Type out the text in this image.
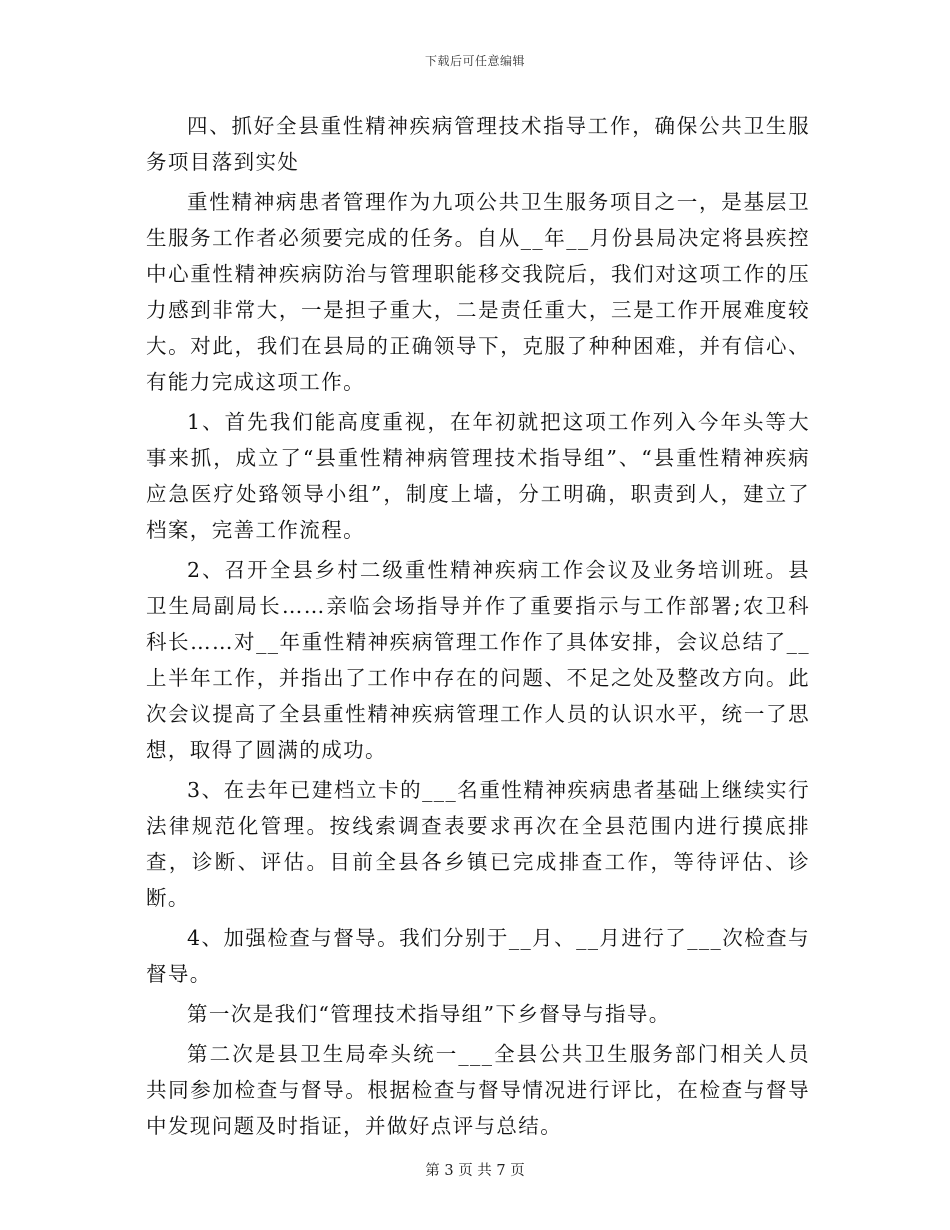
下载后可任意编辑

四、抓好全县重性精神疾病管理技术指导工作，确保公共卫生服务项目落到实处

重性精神病患者管理作为九项公共卫生服务项目之一，是基层卫生服务工作者必须要完成的任务。自从__年__月份县局决定将县疾控中心重性精神疾病防治与管理职能移交我院后，我们对这项工作的压力感到非常大，一是担子重大，二是责任重大，三是工作开展难度较大。对此，我们在县局的正确领导下，克服了种种困难，并有信心、有能力完成这项工作。

1、首先我们能高度重视，在年初就把这项工作列入今年头等大事来抓，成立了“县重性精神病管理技术指导组”、“县重性精神疾病应急医疗处臵领导小组”，制度上墙，分工明确，职责到人，建立了档案，完善工作流程。

2、召开全县乡村二级重性精神疾病工作会议及业务培训班。县卫生局副局长……亲临会场指导并作了重要指示与工作部署;农卫科科长……对__年重性精神疾病管理工作作了具体安排，会议总结了__上半年工作，并指出了工作中存在的问题、不足之处及整改方向。此次会议提高了全县重性精神疾病管理工作人员的认识水平，统一了思想，取得了圆满的成功。

3、在去年已建档立卡的___名重性精神疾病患者基础上继续实行法律规范化管理。按线索调查表要求再次在全县范围内进行摸底排查，诊断、评估。目前全县各乡镇已完成排查工作，等待评估、诊断。

4、加强检查与督导。我们分别于__月、__月进行了___次检查与督导。

第一次是我们“管理技术指导组”下乡督导与指导。

第二次是县卫生局牵头统一___全县公共卫生服务部门相关人员共同参加检查与督导。根据检查与督导情况进行评比，在检查与督导中发现问题及时指证，并做好点评与总结。

第 3 页 共 7 页
